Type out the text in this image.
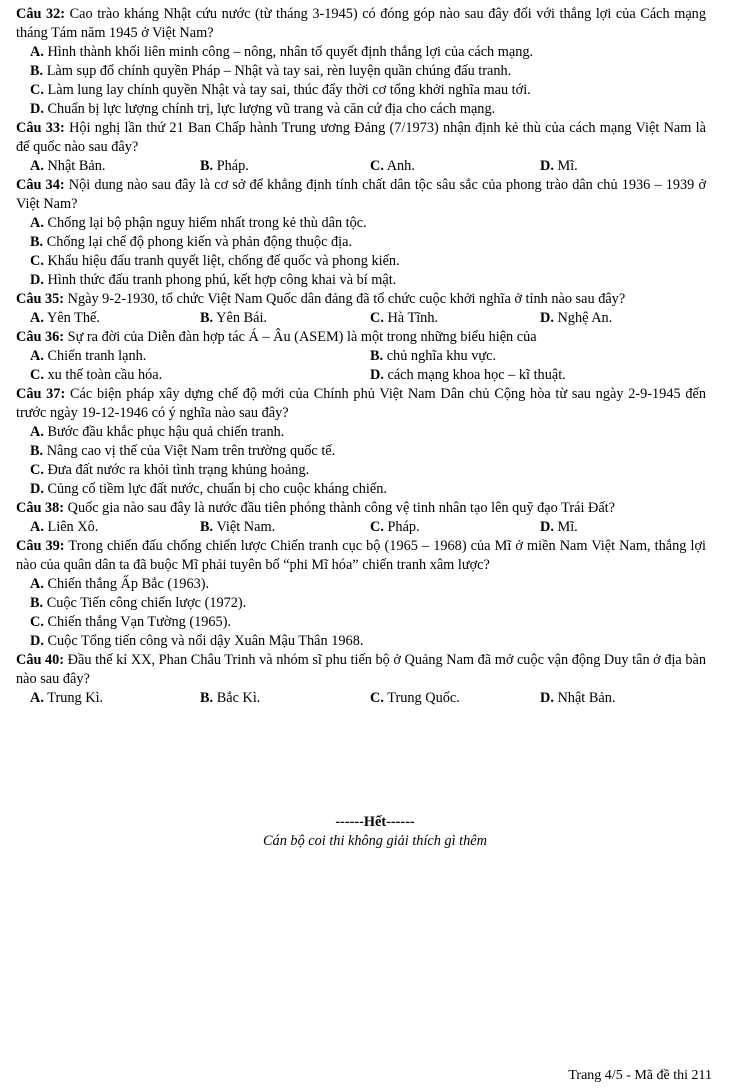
Câu 32: Cao trào kháng Nhật cứu nước (từ tháng 3-1945) có đóng góp nào sau đây đối với thắng lợi của Cách mạng tháng Tám năm 1945 ở Việt Nam?
A. Hình thành khối liên minh công – nông, nhân tố quyết định thắng lợi của cách mạng.
B. Làm sụp đổ chính quyền Pháp – Nhật và tay sai, rèn luyện quần chúng đấu tranh.
C. Làm lung lay chính quyền Nhật và tay sai, thúc đẩy thời cơ tổng khởi nghĩa mau tới.
D. Chuẩn bị lực lượng chính trị, lực lượng vũ trang và căn cứ địa cho cách mạng.
Câu 33: Hội nghị lần thứ 21 Ban Chấp hành Trung ương Đảng (7/1973) nhận định kẻ thù của cách mạng Việt Nam là đế quốc nào sau đây?
A. Nhật Bản.	B. Pháp.	C. Anh.	D. Mĩ.
Câu 34: Nội dung nào sau đây là cơ sở để khẳng định tính chất dân tộc sâu sắc của phong trào dân chủ 1936 – 1939 ở Việt Nam?
A. Chống lại bộ phận nguy hiểm nhất trong kẻ thù dân tộc.
B. Chống lại chế độ phong kiến và phản động thuộc địa.
C. Khẩu hiệu đấu tranh quyết liệt, chống đế quốc và phong kiến.
D. Hình thức đấu tranh phong phú, kết hợp công khai và bí mật.
Câu 35: Ngày 9-2-1930, tổ chức Việt Nam Quốc dân đảng đã tổ chức cuộc khởi nghĩa ở tỉnh nào sau đây?
A. Yên Thế.	B. Yên Bái.	C. Hà Tĩnh.	D. Nghệ An.
Câu 36: Sự ra đời của Diễn đàn hợp tác Á – Âu (ASEM) là một trong những biểu hiện của
A. Chiến tranh lạnh.	B. chủ nghĩa khu vực.
C. xu thế toàn cầu hóa.	D. cách mạng khoa học – kĩ thuật.
Câu 37: Các biện pháp xây dựng chế độ mới của Chính phủ Việt Nam Dân chủ Cộng hòa từ sau ngày 2-9-1945 đến trước ngày 19-12-1946 có ý nghĩa nào sau đây?
A. Bước đầu khắc phục hậu quả chiến tranh.
B. Nâng cao vị thế của Việt Nam trên trường quốc tế.
C. Đưa đất nước ra khỏi tình trạng khủng hoảng.
D. Củng cố tiềm lực đất nước, chuẩn bị cho cuộc kháng chiến.
Câu 38: Quốc gia nào sau đây là nước đầu tiên phóng thành công vệ tinh nhân tạo lên quỹ đạo Trái Đất?
A. Liên Xô.	B. Việt Nam.	C. Pháp.	D. Mĩ.
Câu 39: Trong chiến đấu chống chiến lược Chiến tranh cục bộ (1965 – 1968) của Mĩ ở miền Nam Việt Nam, thắng lợi nào của quân dân ta đã buộc Mĩ phải tuyên bố “phi Mĩ hóa” chiến tranh xâm lược?
A. Chiến thắng Ấp Bắc (1963).
B. Cuộc Tiến công chiến lược (1972).
C. Chiến thắng Vạn Tường (1965).
D. Cuộc Tổng tiến công và nổi dậy Xuân Mậu Thân 1968.
Câu 40: Đầu thế kỉ XX, Phan Châu Trinh và nhóm sĩ phu tiến bộ ở Quảng Nam đã mở cuộc vận động Duy tân ở địa bàn nào sau đây?
A. Trung Kì.	B. Bắc Kì.	C. Trung Quốc.	D. Nhật Bản.
------Hết------
Cán bộ coi thi không giải thích gì thêm
Trang 4/5 - Mã đề thi 211
